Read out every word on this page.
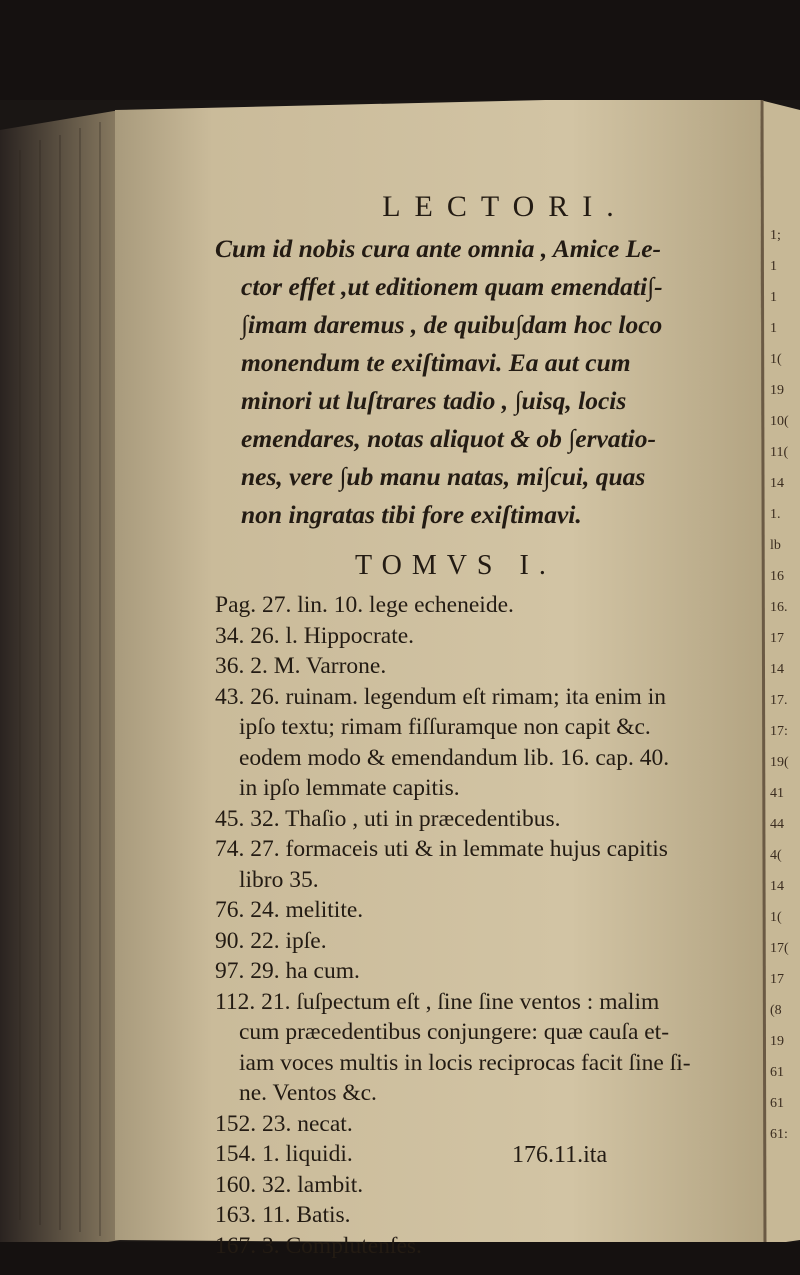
LECTORI.
Cum id nobis cura ante omnia , Amice Le-
ctor effet ,ut editionem quam emendati∫-
∫imam daremus , de quibu∫dam hoc loco
monendum te exiſtimavi. Ea aut cum
minori ut luſtrares tadio , ∫uisq, locis
emendares, notas aliquot & ob ∫ervatio-
nes, vere ∫ub manu natas, mi∫cui, quas
non ingratas tibi fore exiſtimavi.
TOMVS I.
Pag. 27. lin. 10. lege echeneide.
34. 26. l. Hippocrate.
36. 2. M. Varrone.
43. 26. ruinam. legendum eſt rimam; ita enim in
ipſo textu; rimam fiſſuramque non capit &c.
eodem modo & emendandum lib. 16. cap. 40.
in ipſo lemmate capitis.
45. 32. Thaſio , uti in præcedentibus.
74. 27. formaceis uti & in lemmate hujus capitis
libro 35.
76. 24. melitite.
90. 22. ipſe.
97. 29. ha cum.
112. 21. ſuſpectum eſt , ſine ſine ventos : malim
cum præcedentibus conjungere: quæ cauſa et-
iam voces multis in locis reciprocas facit ſine ſi-
ne. Ventos &c.
152. 23. necat.
154. 1. liquidi.
160. 32. lambit.
163. 11. Batis.
167. 3. Complutenſes.
1;
1
1
1
1(
19
10(
11(
14
1.
lb
16
16.
17
14
17.
17:
19(
41
44
4(
14
1(
17(
17
(8
19
61
61
61:
176.11.ita
